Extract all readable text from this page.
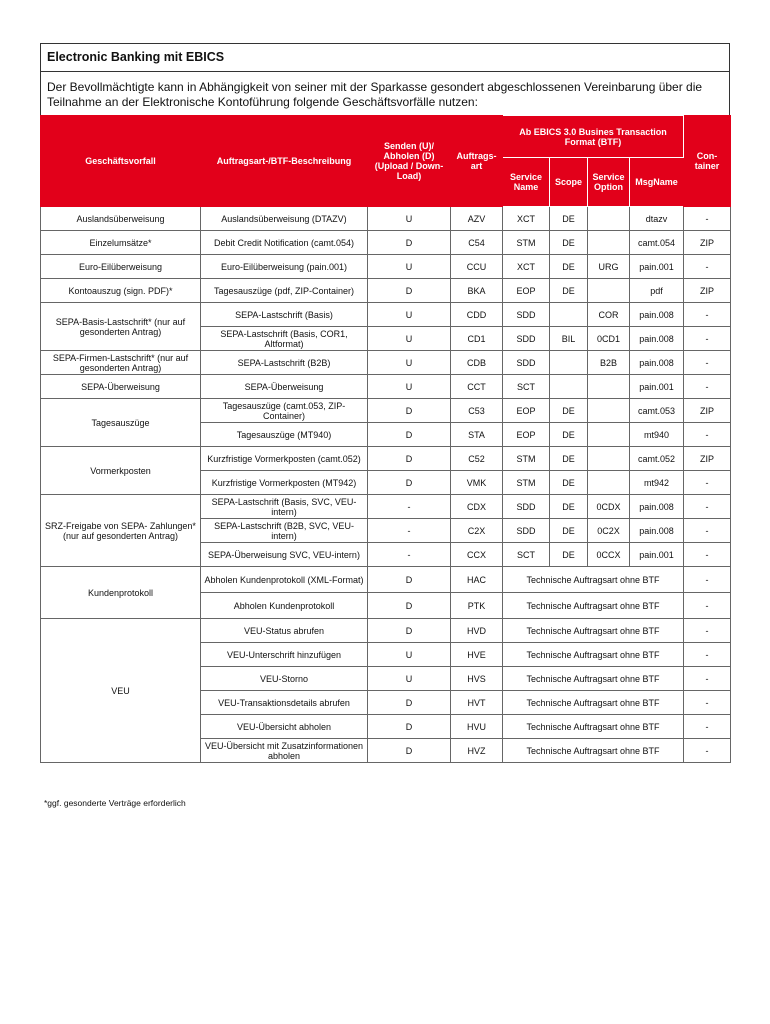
Electronic Banking mit EBICS
Der Bevollmächtigte kann in Abhängigkeit von seiner mit der Sparkasse gesondert abgeschlossenen Vereinbarung über die Teilnahme an der Elektronische Kontoführung folgende Geschäftsvorfälle nutzen:
Geschäftsvorfall	Auftragsart-/BTF-Beschreibung	Senden (U)/ Abholen (D) (Upload / Down- Load)	Auftrags- art	Ab EBICS 3.0 Busines Transaction Format (BTF)				Con- tainer
				Service Name	Scope	Service Option	MsgName	
Auslandsüberweisung	Auslandsüberweisung (DTAZV)	U	AZV	XCT	DE		dtazv	-
Einzelumsätze*	Debit Credit Notification (camt.054)	D	C54	STM	DE		camt.054	ZIP
Euro-Eilüberweisung	Euro-Eilüberweisung (pain.001)	U	CCU	XCT	DE	URG	pain.001	-
Kontoauszug (sign. PDF)*	Tagesauszüge (pdf, ZIP-Container)	D	BKA	EOP	DE		pdf	ZIP
SEPA-Basis-Lastschrift* (nur auf gesonderten Antrag)	SEPA-Lastschrift (Basis)	U	CDD	SDD		COR	pain.008	-
	SEPA-Lastschrift (Basis, COR1, Altformat)	U	CD1	SDD	BIL	0CD1	pain.008	-
SEPA-Firmen-Lastschrift* (nur auf gesonderten Antrag)	SEPA-Lastschrift (B2B)	U	CDB	SDD		B2B	pain.008	-
SEPA-Überweisung	SEPA-Überweisung	U	CCT	SCT			pain.001	-
Tagesauszüge	Tagesauszüge (camt.053, ZIP-Container)	D	C53	EOP	DE		camt.053	ZIP
	Tagesauszüge (MT940)	D	STA	EOP	DE		mt940	-
Vormerkposten	Kurzfristige Vormerkposten (camt.052)	D	C52	STM	DE		camt.052	ZIP
	Kurzfristige Vormerkposten (MT942)	D	VMK	STM	DE		mt942	-
SRZ-Freigabe von SEPA- Zahlungen* (nur auf gesonderten Antrag)	SEPA-Lastschrift (Basis, SVC, VEU-intern)	-	CDX	SDD	DE	0CDX	pain.008	-
	SEPA-Lastschrift (B2B, SVC, VEU-intern)	-	C2X	SDD	DE	0C2X	pain.008	-
	SEPA-Überweisung SVC, VEU-intern)	-	CCX	SCT	DE	0CCX	pain.001	-
Kundenprotokoll	Abholen Kundenprotokoll (XML-Format)	D	HAC	Technische Auftragsart ohne BTF				-
	Abholen Kundenprotokoll	D	PTK	Technische Auftragsart ohne BTF				-
VEU	VEU-Status abrufen	D	HVD	Technische Auftragsart ohne BTF				-
	VEU-Unterschrift hinzufügen	U	HVE	Technische Auftragsart ohne BTF				-
	VEU-Storno	U	HVS	Technische Auftragsart ohne BTF				-
	VEU-Transaktionsdetails abrufen	D	HVT	Technische Auftragsart ohne BTF				-
	VEU-Übersicht abholen	D	HVU	Technische Auftragsart ohne BTF				-
	VEU-Übersicht mit Zusatzinformationen abholen	D	HVZ	Technische Auftragsart ohne BTF				-
*ggf. gesonderte Verträge erforderlich
